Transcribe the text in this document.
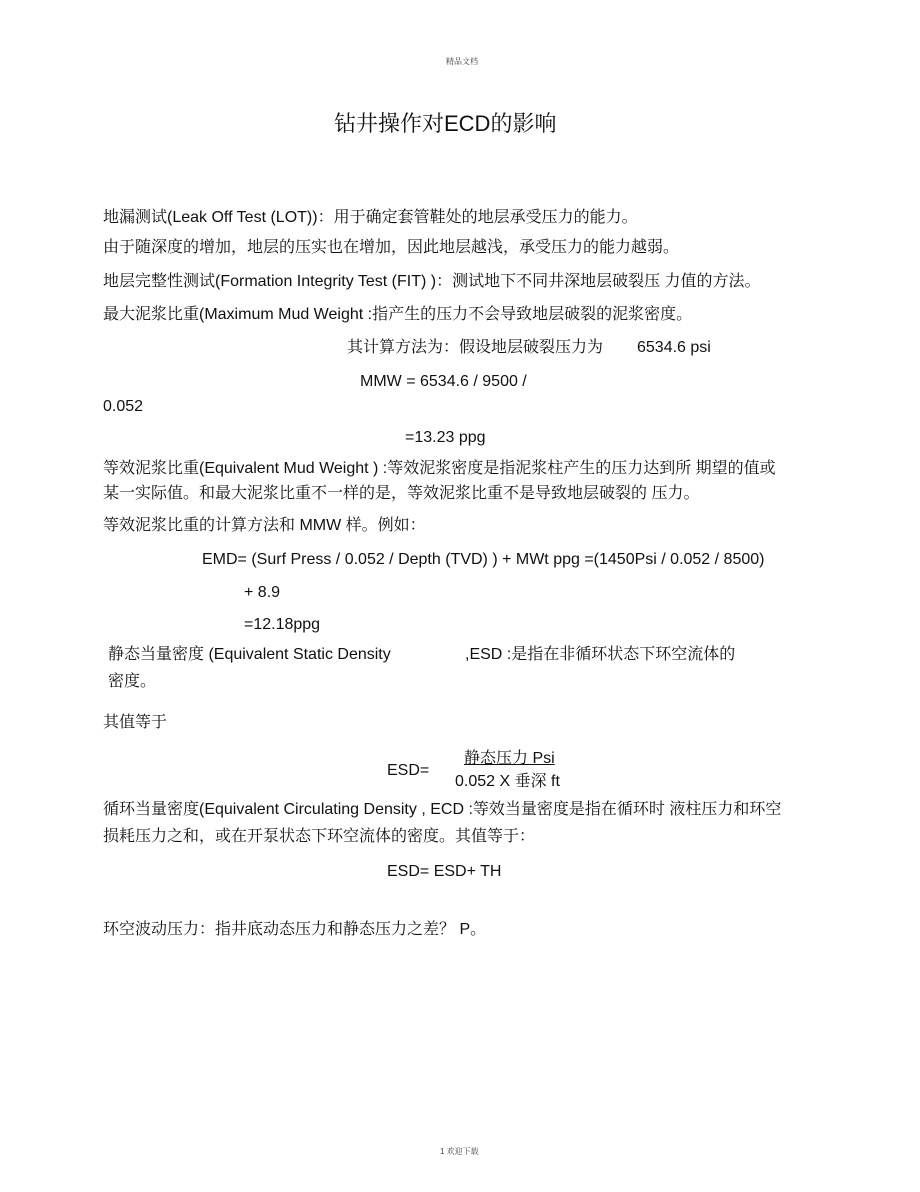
精品文档
钻井操作对ECD的影响
地漏测试(Leak Off Test (LOT))：用于确定套管鞋处的地层承受压力的能力。
由于随深度的增加，地层的压实也在增加，因此地层越浅，承受压力的能力越弱。
地层完整性测试(Formation Integrity Test (FIT) )：测试地下不同井深地层破裂压 力值的方法。
最大泥浆比重(Maximum Mud Weight :指产生的压力不会导致地层破裂的泥浆密度。
其计算方法为：假设地层破裂压力为 6534.6 psi
MMW = 6534.6 / 9500 /
0.052
=13.23 ppg
等效泥浆比重(Equivalent Mud Weight ) :等效泥浆密度是指泥浆柱产生的压力达到所 期望的值或
某一实际值。和最大泥浆比重不一样的是，等效泥浆比重不是导致地层破裂的 压力。
等效泥浆比重的计算方法和 MMW 样。例如：
EMD= (Surf Press / 0.052 / Depth (TVD) ) + MWt ppg =(1450Psi / 0.052 / 8500)
+ 8.9
=12.18ppg
静态当量密度 (Equivalent Static Density	,ESD :是指在非循环状态下环空流体的
密度。
其值等于
ESD=
静态压力 Psi
0.052 X 垂深 ft
循环当量密度(Equivalent Circulating Density , ECD :等效当量密度是指在循环时 液柱压力和环空
损耗压力之和，或在开泵状态下环空流体的密度。其值等于：
ESD= ESD+ TH
环空波动压力：指井底动态压力和静态压力之差？ P。
1 欢迎下载
